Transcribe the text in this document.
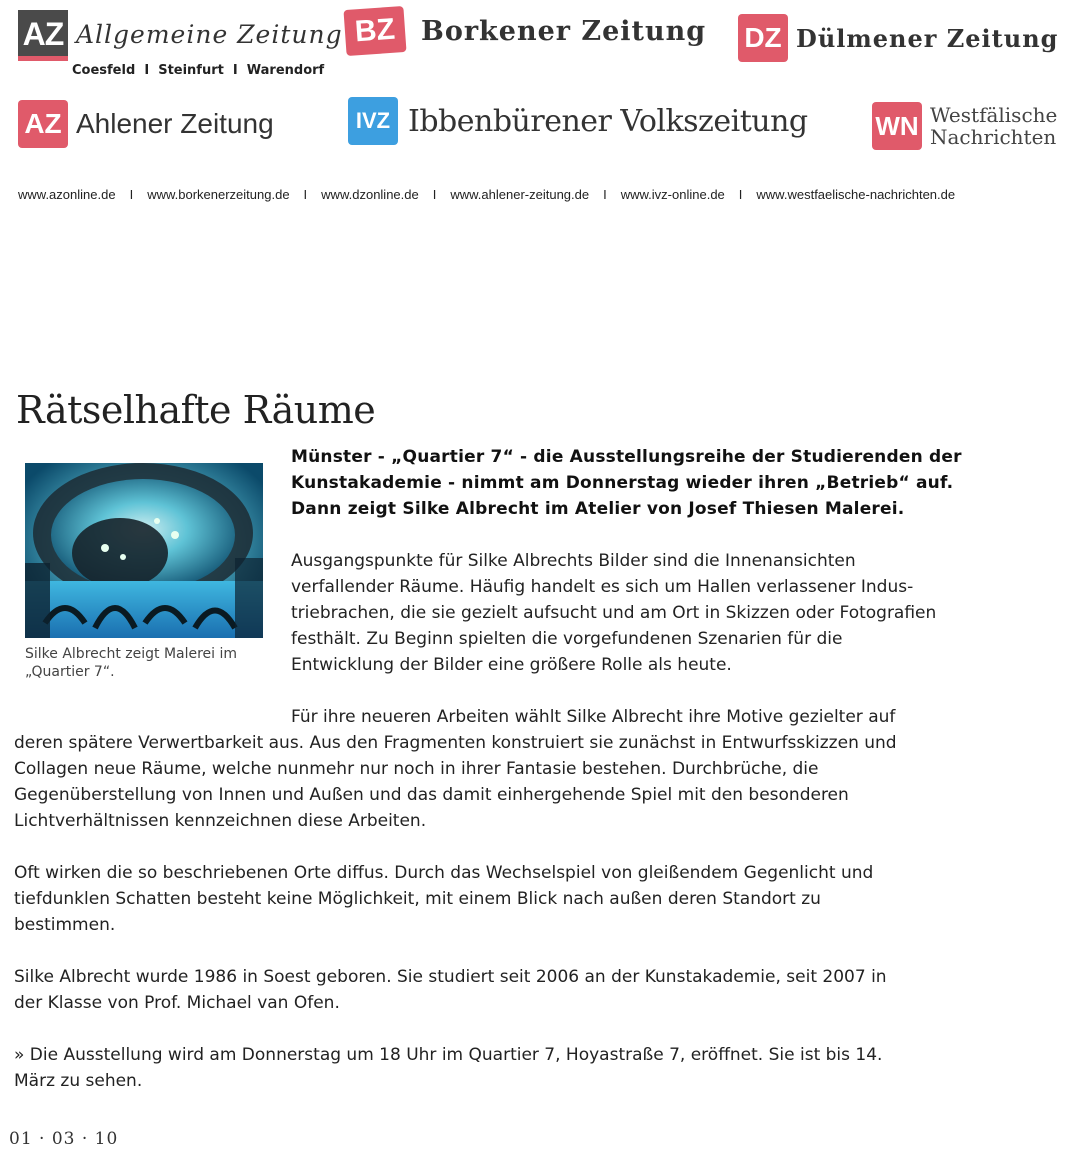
AZ Allgemeine Zeitung
Coesfeld  I  Steinfurt  I  Warendorf
BZ Borkener Zeitung DZ Dülmener Zeitung
AZ Ahlener Zeitung	IVZ Ibbenbürener Volkszeitung	WN Westfälische
Nachrichten
www.azonline.de I www.borkenerzeitung.de I www.dzonline.de I www.ahlener-zeitung.de I www.ivz-online.de I www.westfaelische-nachrichten.de
Rätselhafte Räume
Silke Albrecht zeigt Malerei im „Quartier 7“.
Münster - „Quartier 7“ - die Ausstellungsreihe der Studierenden der
Kunstakademie - nimmt am Donnerstag wieder ihren „Betrieb“ auf.
Dann zeigt Silke Albrecht im Atelier von Josef Thiesen Malerei.
Ausgangspunkte für Silke Albrechts Bilder sind die Innenansichten
verfallender Räume. Häufig handelt es sich um Hallen verlassener Indus-
triebrachen, die sie gezielt aufsucht und am Ort in Skizzen oder Fotografien
festhält. Zu Beginn spielten die vorgefundenen Szenarien für die
Entwicklung der Bilder eine größere Rolle als heute.
Für ihre neueren Arbeiten wählt Silke Albrecht ihre Motive gezielter auf
deren spätere Verwertbarkeit aus. Aus den Fragmenten konstruiert sie zunächst in Entwurfsskizzen und
Collagen neue Räume, welche nunmehr nur noch in ihrer Fantasie bestehen. Durchbrüche, die
Gegenüberstellung von Innen und Außen und das damit einhergehende Spiel mit den besonderen
Lichtverhältnissen kennzeichnen diese Arbeiten.
Oft wirken die so beschriebenen Orte diffus. Durch das Wechselspiel von gleißendem Gegenlicht und
tiefdunklen Schatten besteht keine Möglichkeit, mit einem Blick nach außen deren Standort zu
bestimmen.
Silke Albrecht wurde 1986 in Soest geboren. Sie studiert seit 2006 an der Kunstakademie, seit 2007 in
der Klasse von Prof. Michael van Ofen.
» Die Ausstellung wird am Donnerstag um 18 Uhr im Quartier 7, Hoyastraße 7, eröffnet. Sie ist bis 14.
März zu sehen.
01 · 03 · 10
